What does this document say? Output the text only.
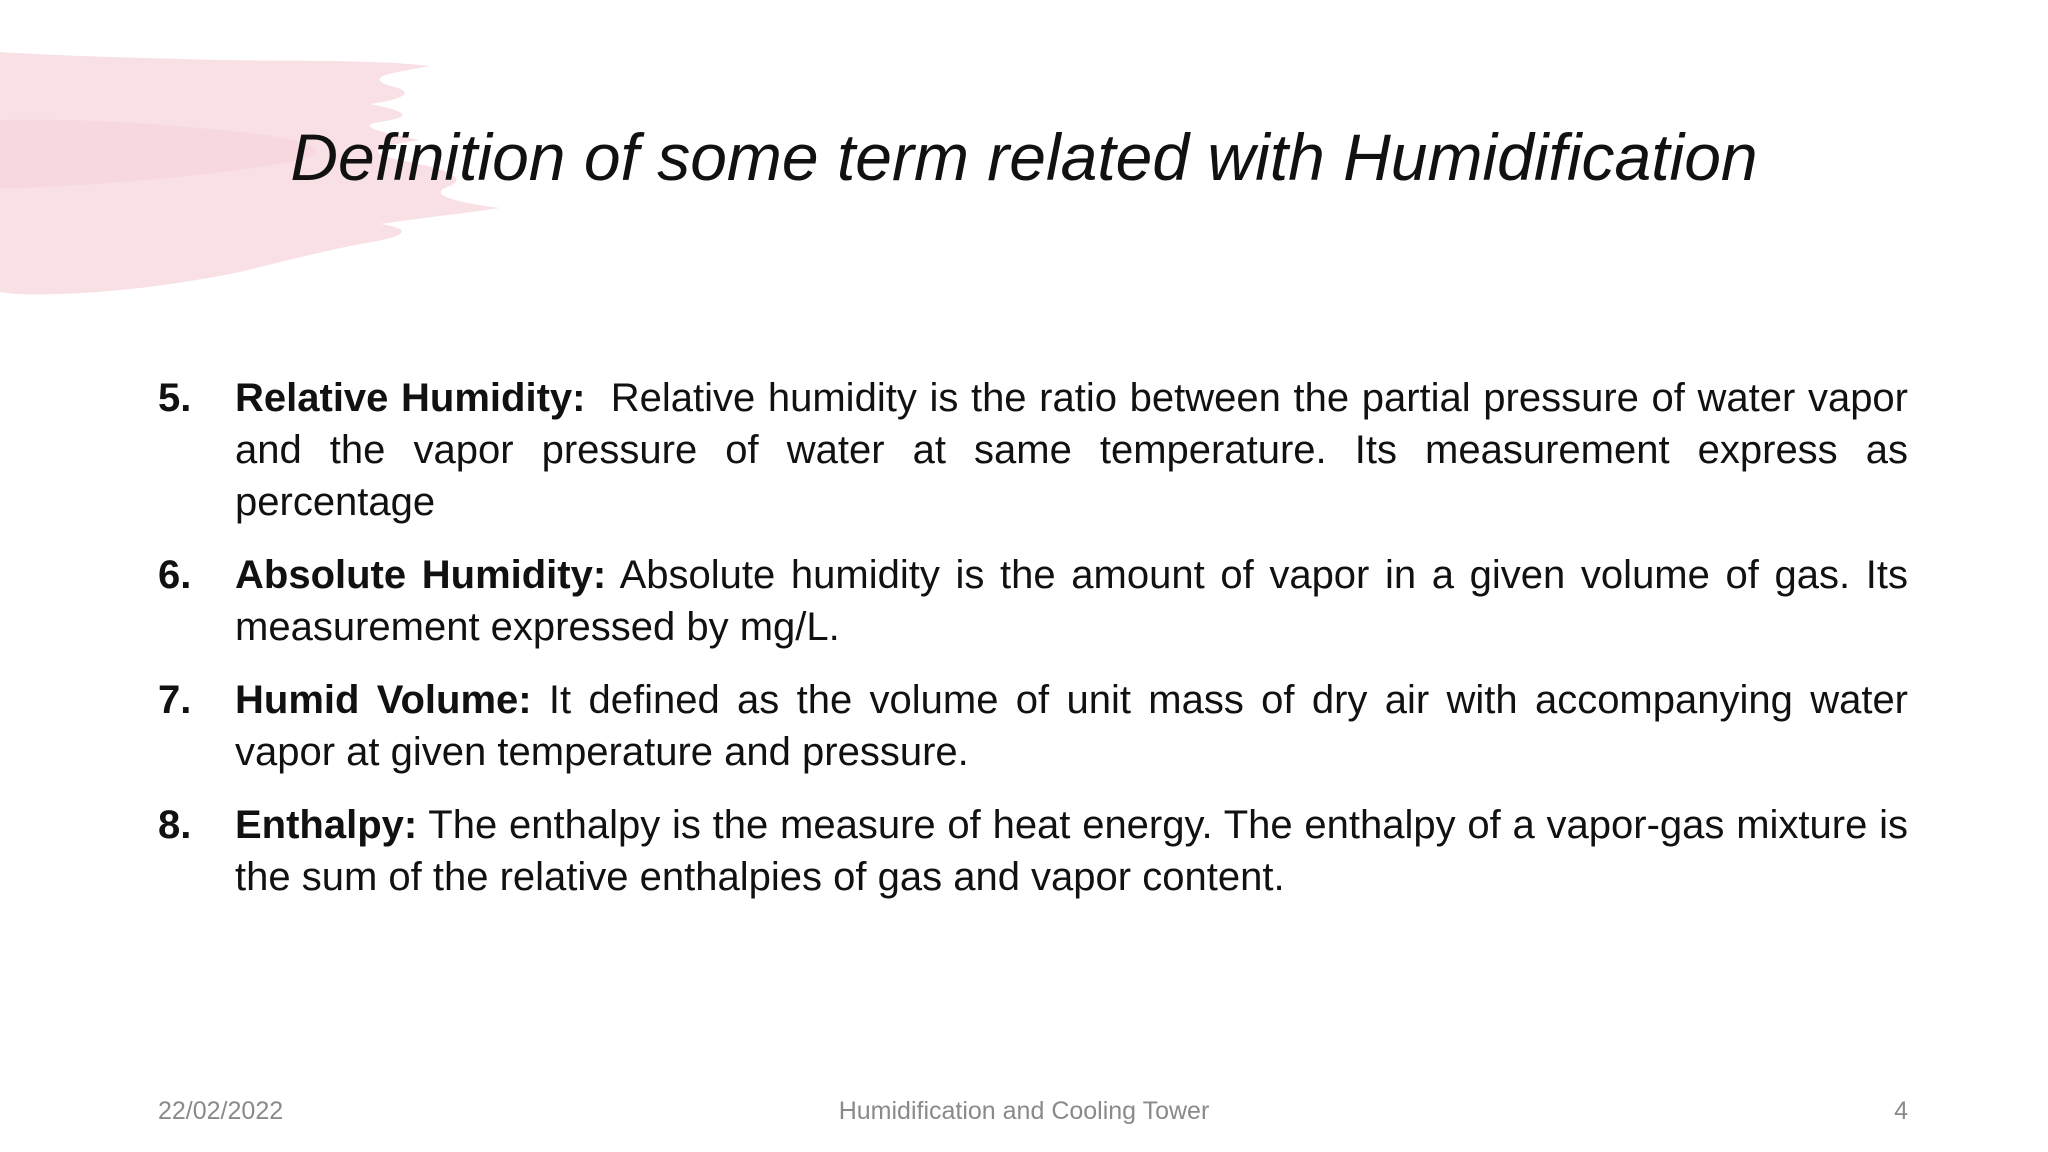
Definition of some term related with Humidification
5. Relative Humidity:  Relative humidity is the ratio between the partial pressure of water vapor and the vapor pressure of water at same temperature. Its measurement express as percentage
6. Absolute Humidity: Absolute humidity is the amount of vapor in a given volume of gas. Its measurement expressed by mg/L.
7. Humid Volume: It defined as the volume of unit mass of dry air with accompanying water vapor at given temperature and pressure.
8. Enthalpy: The enthalpy is the measure of heat energy. The enthalpy of a vapor-gas mixture is the sum of the relative enthalpies of gas and vapor content.
22/02/2022	Humidification and Cooling Tower	4
